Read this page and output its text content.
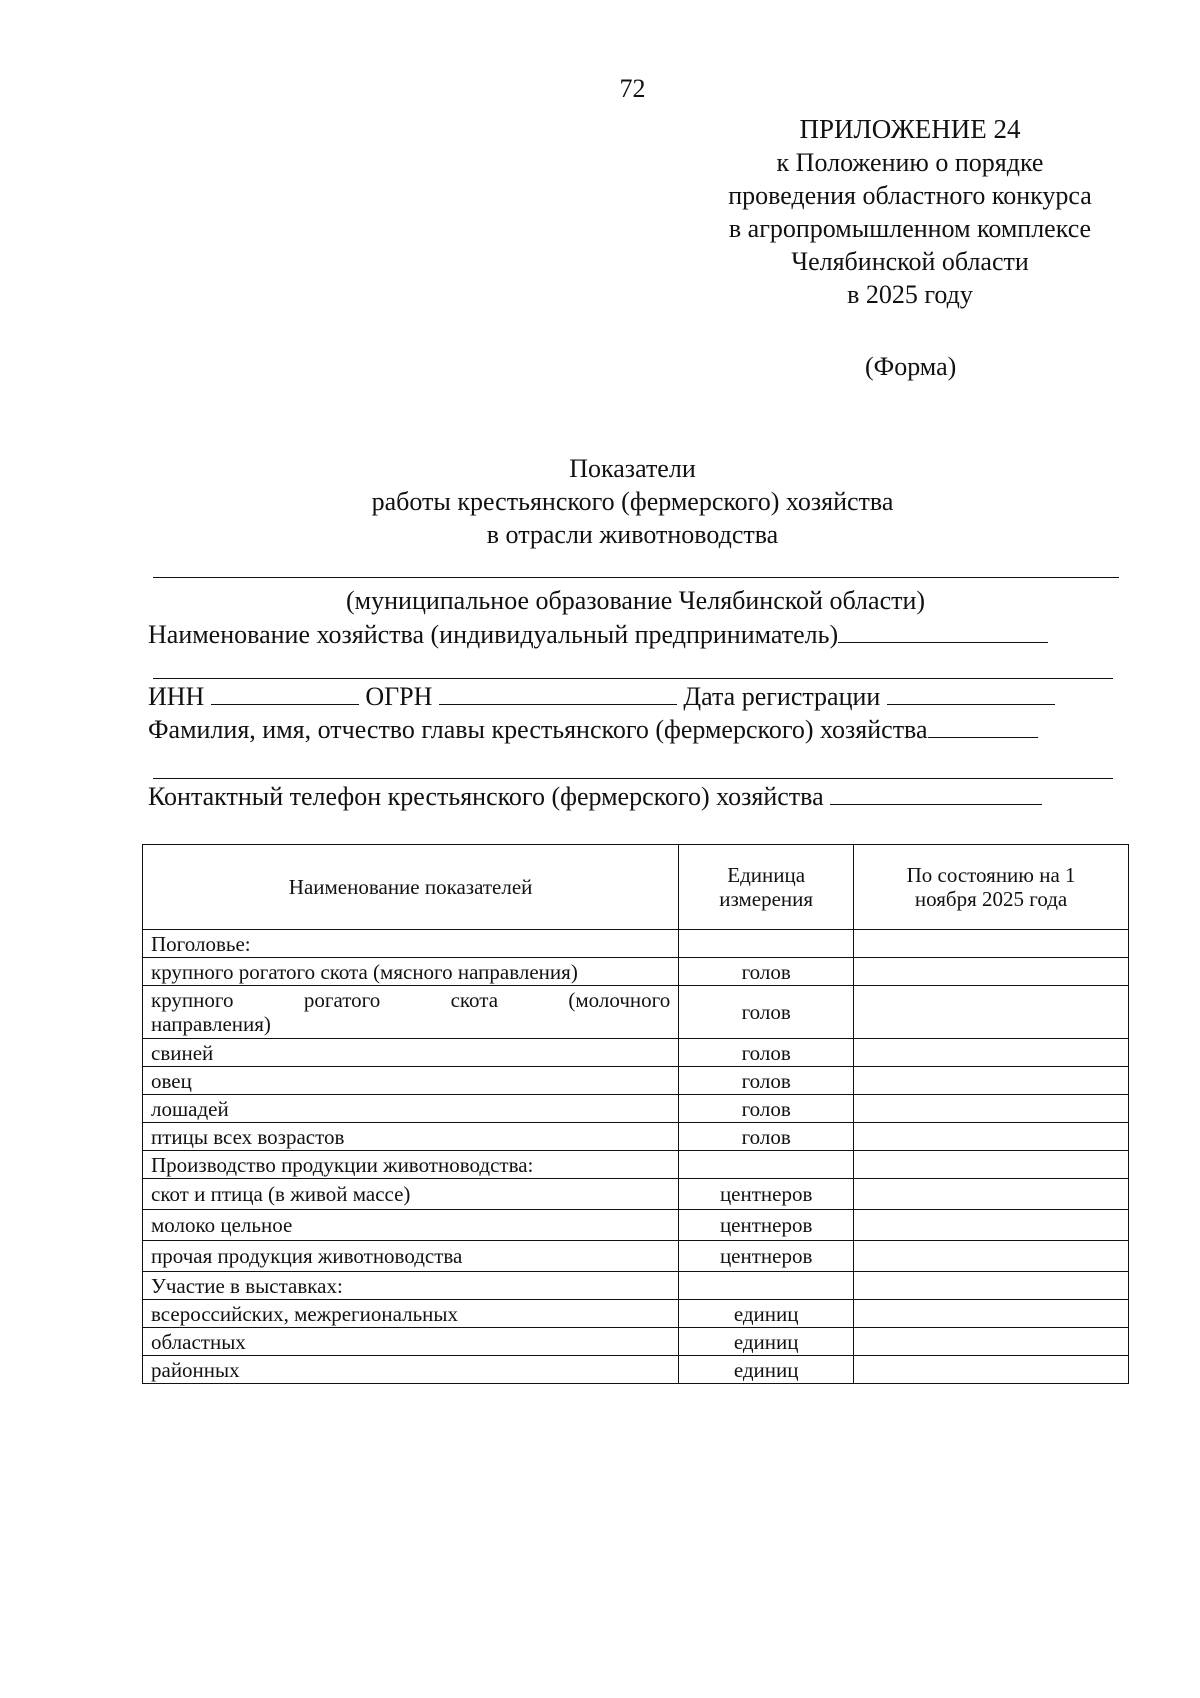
72
ПРИЛОЖЕНИЕ 24
к Положению о порядке
проведения областного конкурса
в агропромышленном комплексе
Челябинской области
в 2025 году
(Форма)
Показатели
работы крестьянского (фермерского) хозяйства
в отрасли животноводства
(муниципальное образование Челябинской области)
Наименование хозяйства (индивидуальный предприниматель)
ИНН	ОГРН	Дата регистрации
Фамилия, имя, отчество главы крестьянского (фермерского) хозяйства
Контактный телефон крестьянского (фермерского) хозяйства
Наименование показателей	Единица измерения	По состоянию на 1 ноября 2025 года

Поголовье:		
крупного рогатого скота (мясного направления)	голов	
крупного рогатого скота (молочного направления)	голов	
свиней	голов	
овец	голов	
лошадей	голов	
птицы всех возрастов	голов	
Производство продукции животноводства:		
скот и птица (в живой массе)	центнеров	
молоко цельное	центнеров	
прочая продукция животноводства	центнеров	
Участие в выставках:		
всероссийских, межрегиональных	единиц	
областных	единиц	
районных	единиц	
